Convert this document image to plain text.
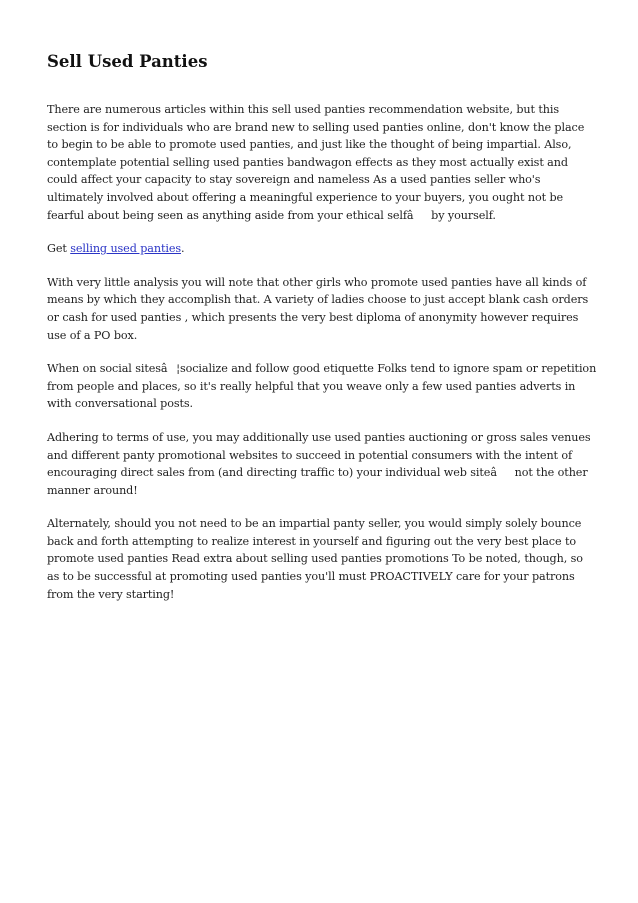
Sell Used Panties

There are numerous articles within this sell used panties recommendation website, but this section is for individuals who are brand new to selling used panties online, don't know the place to begin to be able to promote used panties, and just like the thought of being impartial. Also, contemplate potential selling used panties bandwagon effects as they most actually exist and could affect your capacity to stay sovereign and nameless As a used panties seller who's ultimately involved about offering a meaningful experience to your buyers, you ought not be fearful about being seen as anything aside from your ethical selfâby yourself.

Get selling used panties.

With very little analysis you will note that other girls who promote used panties have all kinds of means by which they accomplish that. A variety of ladies choose to just accept blank cash orders or cash for used panties , which presents the very best diploma of anonymity however requires use of a PO box.

When on social sitesâ¦socialize and follow good etiquette Folks tend to ignore spam or repetition from people and places, so it's really helpful that you weave only a few used panties adverts in with conversational posts.

Adhering to terms of use, you may additionally use used panties auctioning or gross sales venues and different panty promotional websites to succeed in potential consumers with the intent of encouraging direct sales from (and directing traffic to) your individual web siteânot the other manner around!

Alternately, should you not need to be an impartial panty seller, you would simply solely bounce back and forth attempting to realize interest in yourself and figuring out the very best place to promote used panties Read extra about selling used panties promotions To be noted, though, so as to be successful at promoting used panties you'll must PROACTIVELY care for your patrons from the very starting!
